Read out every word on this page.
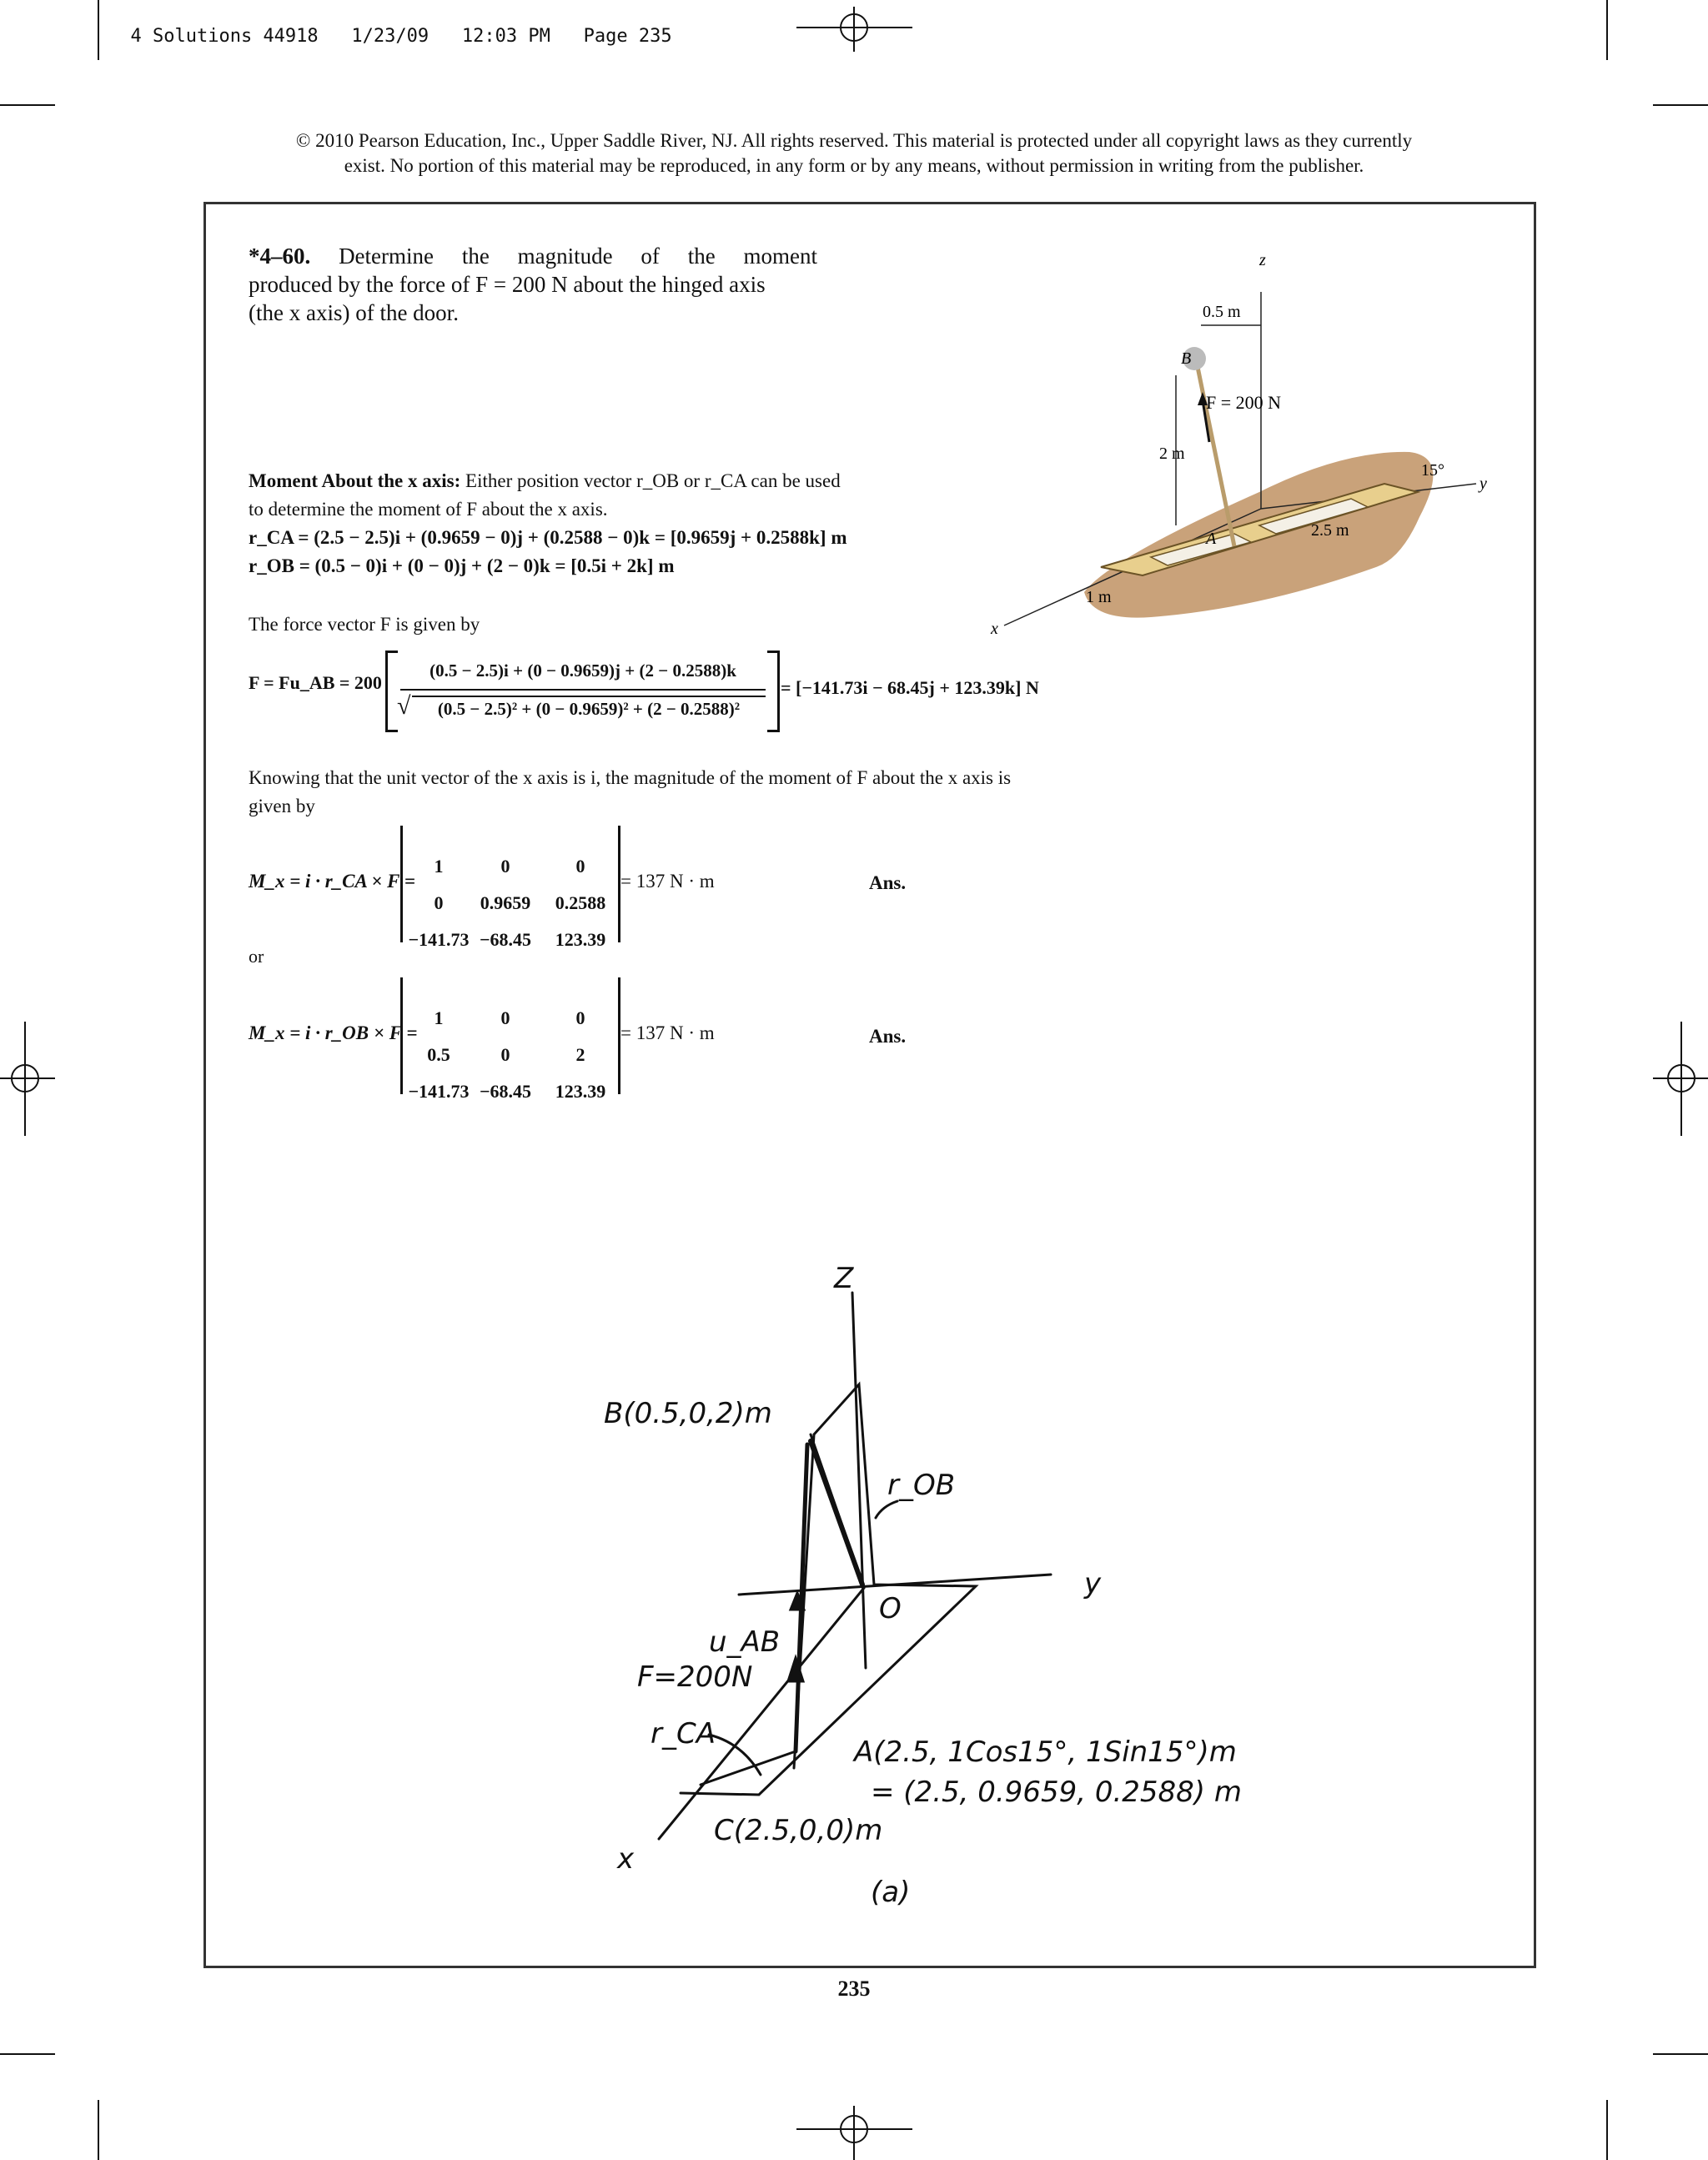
4 Solutions 44918 1/23/09 12:03 PM Page 235

© 2010 Pearson Education, Inc., Upper Saddle River, NJ. All rights reserved. This material is protected under all copyright laws as they currently
exist. No portion of this material may be reproduced, in any form or by any means, without permission in writing from the publisher.
*4–60. Determine the magnitude of the moment
produced by the force of F = 200 N about the hinged axis
(the x axis) of the door.
B
F = 200 N
0.5 m
2 m
15°
2.5 m
1 m
A
z
y
x
Moment About the x axis: Either position vector r_OB or r_CA can be used
to determine the moment of F about the x axis.
r_CA = (2.5 − 2.5)i + (0.9659 − 0)j + (0.2588 − 0)k = [0.9659j + 0.2588k] m
r_OB = (0.5 − 0)i + (0 − 0)j + (2 − 0)k = [0.5i + 2k] m
The force vector F is given by
F = Fu_AB = 200
(0.5 − 2.5)i + (0 − 0.9659)j + (2 − 0.2588)k
√	(0.5 − 2.5)² + (0 − 0.9659)² + (2 − 0.2588)²
= [−141.73i − 68.45j + 123.39k] N
Knowing that the unit vector of the x axis is i, the magnitude of the moment of F about the x axis is
given by
M_x = i · r_CA × F =
1	0	0
0	0.9659	0.2588
−141.73 −68.45	123.39
= 137 N · m	Ans.
or
M_x = i · r_OB × F =
1	0	0
0.5	0	2
−141.73 −68.45	123.39
= 137 N · m	Ans.
Z
y
x
O
B(0.5,0,2)m
r_OB
u_AB
F=200N
r_CA
A(2.5, 1Cos15°, 1Sin15°)m
= (2.5, 0.9659, 0.2588) m
C(2.5,0,0)m
(a)
235
